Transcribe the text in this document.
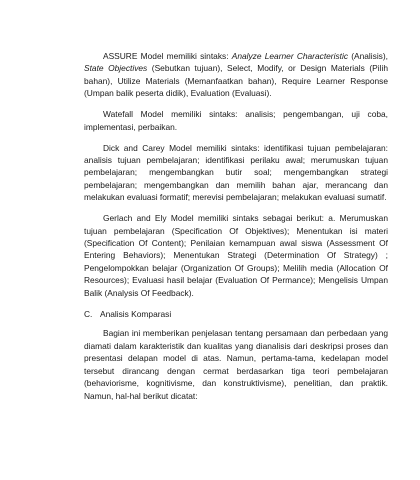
ASSURE Model memiliki sintaks: Analyze Learner Characteristic (Analisis), State Objectives (Sebutkan tujuan), Select, Modify, or Design Materials (Pilih bahan), Utilize Materials (Memanfaatkan bahan), Require Learner Response (Umpan balik peserta didik), Evaluation (Evaluasi).

Watefall Model memiliki sintaks: analisis; pengembangan, uji coba, implementasi, perbaikan.

Dick and Carey Model memiliki sintaks: identifikasi tujuan pembelajaran: analisis tujuan pembelajaran; identifikasi perilaku awal; merumuskan tujuan pembelajaran; mengembangkan butir soal; mengembangkan strategi pembelajaran; mengembangkan dan memilih bahan ajar, merancang dan melakukan evaluasi formatif; merevisi pembelajaran; melakukan evaluasi sumatif.

Gerlach and Ely Model memiliki sintaks sebagai berikut: a. Merumuskan tujuan pembelajaran (Specification Of Objektives); Menentukan isi materi (Specification Of Content); Penilaian kemampuan awal siswa (Assessment Of Entering Behaviors); Menentukan Strategi (Determination Of Strategy) ; Pengelompokkan belajar (Organization Of Groups); Melilih media (Allocation Of Resources); Evaluasi hasil belajar (Evaluation Of Permance); Mengelisis Umpan Balik (Analysis Of Feedback).

C. Analisis Komparasi

Bagian ini memberikan penjelasan tentang persamaan dan perbedaan yang diamati dalam karakteristik dan kualitas yang dianalisis dari deskripsi proses dan presentasi delapan model di atas. Namun, pertama-tama, kedelapan model tersebut dirancang dengan cermat berdasarkan tiga teori pembelajaran (behaviorisme, kognitivisme, dan konstruktivisme), penelitian, dan praktik. Namun, hal-hal berikut dicatat:
